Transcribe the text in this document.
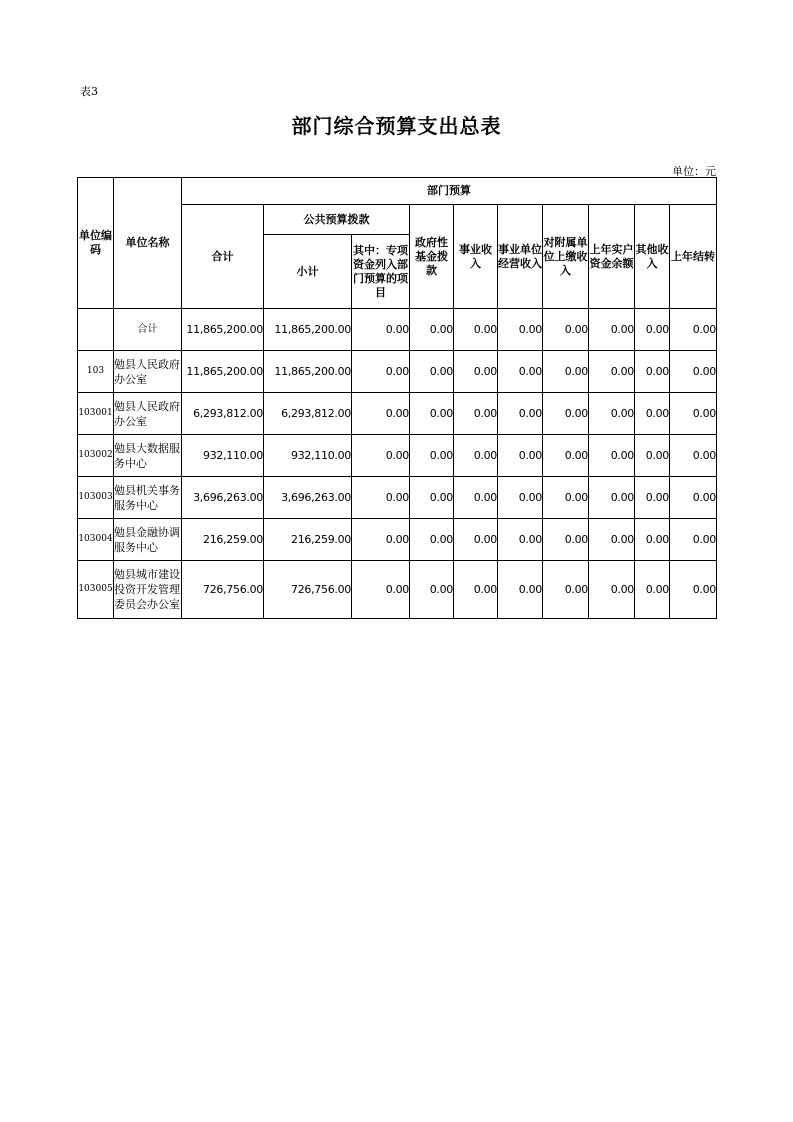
表3
部门综合预算支出总表
单位：元
单位编码	单位名称	部门预算									
		合计	公共预算拨款		政府性基金拨款	事业收入	事业单位经营收入	对附属单位上缴收入	上年实户资金余额	其他收入	上年结转
			小计	其中：专项资金列入部门预算的项目							
	合计	11,865,200.00	11,865,200.00	0.00	0.00	0.00	0.00	0.00	0.00	0.00	0.00
103	勉县人民政府办公室	11,865,200.00	11,865,200.00	0.00	0.00	0.00	0.00	0.00	0.00	0.00	0.00
103001	勉县人民政府办公室	6,293,812.00	6,293,812.00	0.00	0.00	0.00	0.00	0.00	0.00	0.00	0.00
103002	勉县大数据服务中心	932,110.00	932,110.00	0.00	0.00	0.00	0.00	0.00	0.00	0.00	0.00
103003	勉县机关事务服务中心	3,696,263.00	3,696,263.00	0.00	0.00	0.00	0.00	0.00	0.00	0.00	0.00
103004	勉县金融协调服务中心	216,259.00	216,259.00	0.00	0.00	0.00	0.00	0.00	0.00	0.00	0.00
103005	勉县城市建设投资开发管理委员会办公室	726,756.00	726,756.00	0.00	0.00	0.00	0.00	0.00	0.00	0.00	0.00
